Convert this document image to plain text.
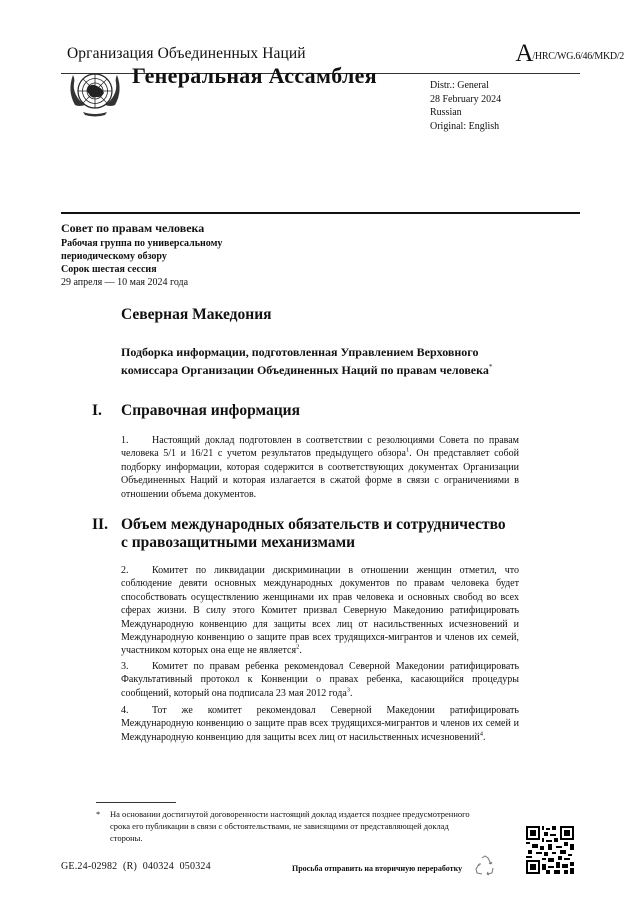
Организация Объединенных Наций	A/HRC/WG.6/46/MKD/2
Генеральная Ассамблея	Distr.: General
28 February 2024
Russian
Original: English
Совет по правам человека
Рабочая группа по универсальному
периодическому обзору
Сорок шестая сессия
29 апреля — 10 мая 2024 года
Северная Македония
Подборка информации, подготовленная Управлением Верховного комиссара Организации Объединенных Наций по правам человека*
I. Справочная информация
1. Настоящий доклад подготовлен в соответствии с резолюциями Совета по правам человека 5/1 и 16/21 с учетом результатов предыдущего обзора$^1$. Он представляет собой подборку информации, которая содержится в соответствующих документах Организации Объединенных Наций и которая излагается в сжатой форме в связи с ограничениями в отношении объема документов.
II. Объем международных обязательств и сотрудничество
с правозащитными механизмами
2. Комитет по ликвидации дискриминации в отношении женщин отметил, что соблюдение девяти основных международных документов по правам человека будет способствовать осуществлению женщинами их прав человека и основных свобод во всех сферах жизни. В силу этого Комитет призвал Северную Македонию ратифицировать Международную конвенцию для защиты всех лиц от насильственных исчезновений и Международную конвенцию о защите прав всех трудящихся-мигрантов и членов их семей, участником которых она еще не является$^2$.
3. Комитет по правам ребенка рекомендовал Северной Македонии ратифицировать Факультативный протокол к Конвенции о правах ребенка, касающийся процедуры сообщений, который она подписала 23 мая 2012 года$^3$.
4. Тот же комитет рекомендовал Северной Македонии ратифицировать Международную конвенцию о защите прав всех трудящихся-мигрантов и членов их семей и Международную конвенцию для защиты всех лиц от насильственных исчезновений$^4$.
* На основании достигнутой договоренности настоящий доклад издается позднее предусмотренного срока его публикации в связи с обстоятельствами, не зависящими от представляющей доклад стороны.
GE.24-02982 (R) 040324 050324	Просьба отправить на вторичную переработку
